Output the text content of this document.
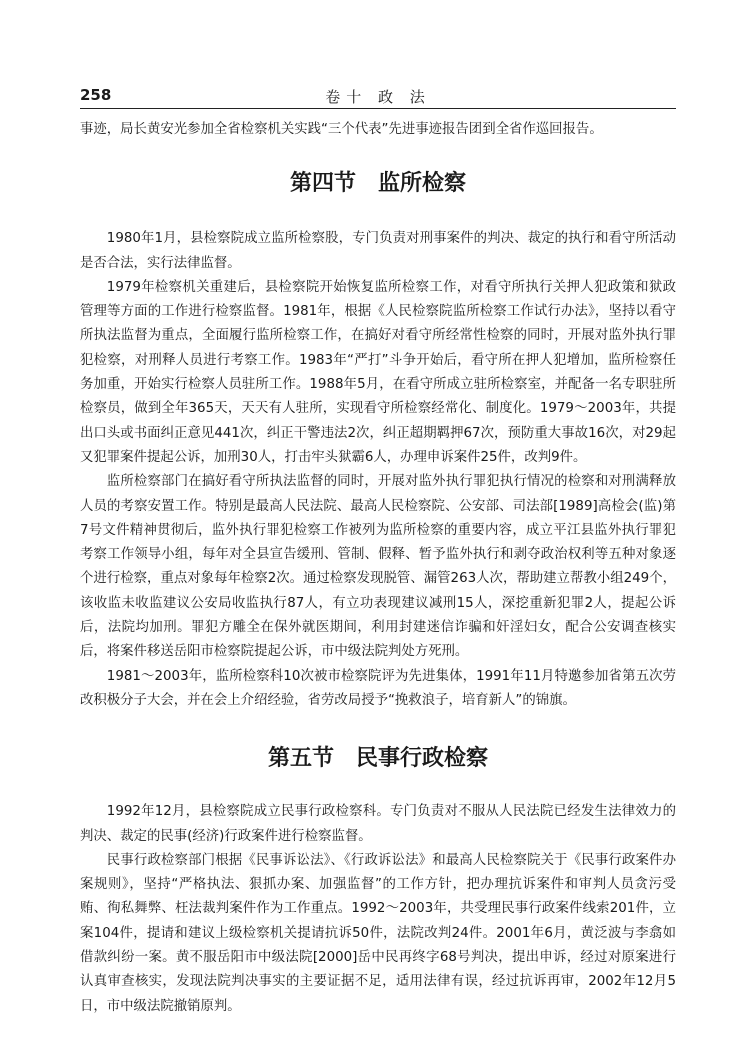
258	卷十 政 法

事迹，局长黄安光参加全省检察机关实践“三个代表”先进事迹报告团到全省作巡回报告。

第四节　监所检察

1980年1月，县检察院成立监所检察股，专门负责对刑事案件的判决、裁定的执行和看守所活动是否合法，实行法律监督。

1979年检察机关重建后，县检察院开始恢复监所检察工作，对看守所执行关押人犯政策和狱政管理等方面的工作进行检察监督。1981年，根据《人民检察院监所检察工作试行办法》，坚持以看守所执法监督为重点，全面履行监所检察工作，在搞好对看守所经常性检察的同时，开展对监外执行罪犯检察，对刑释人员进行考察工作。1983年“严打”斗争开始后，看守所在押人犯增加，监所检察任务加重，开始实行检察人员驻所工作。1988年5月，在看守所成立驻所检察室，并配备一名专职驻所检察员，做到全年365天，天天有人驻所，实现看守所检察经常化、制度化。1979～2003年，共提出口头或书面纠正意见441次，纠正干警违法2次，纠正超期羁押67次，预防重大事故16次，对29起又犯罪案件提起公诉，加刑30人，打击牢头狱霸6人，办理申诉案件25件，改判9件。

监所检察部门在搞好看守所执法监督的同时，开展对监外执行罪犯执行情况的检察和对刑满释放人员的考察安置工作。特别是最高人民法院、最高人民检察院、公安部、司法部[1989]高检会(监)第7号文件精神贯彻后，监外执行罪犯检察工作被列为监所检察的重要内容，成立平江县监外执行罪犯考察工作领导小组，每年对全县宣告缓刑、管制、假释、暂予监外执行和剥夺政治权利等五种对象逐个进行检察，重点对象每年检察2次。通过检察发现脱管、漏管263人次，帮助建立帮教小组249个，该收监未收监建议公安局收监执行87人，有立功表现建议减刑15人，深挖重新犯罪2人，提起公诉后，法院均加刑。罪犯方雕全在保外就医期间，利用封建迷信诈骗和奸淫妇女，配合公安调查核实后，将案件移送岳阳市检察院提起公诉，市中级法院判处方死刑。

1981～2003年，监所检察科10次被市检察院评为先进集体，1991年11月特邀参加省第五次劳改积极分子大会，并在会上介绍经验，省劳改局授予“挽救浪子，培育新人”的锦旗。

第五节　民事行政检察

1992年12月，县检察院成立民事行政检察科。专门负责对不服从人民法院已经发生法律效力的判决、裁定的民事(经济)行政案件进行检察监督。

民事行政检察部门根据《民事诉讼法》、《行政诉讼法》和最高人民检察院关于《民事行政案件办案规则》，坚持“严格执法、狠抓办案、加强监督”的工作方针，把办理抗诉案件和审判人员贪污受贿、徇私舞弊、枉法裁判案件作为工作重点。1992～2003年，共受理民事行政案件线索201件，立案104件，提请和建议上级检察机关提请抗诉50件，法院改判24件。2001年6月，黄泛波与李翕如借款纠纷一案。黄不服岳阳市中级法院[2000]岳中民再终字68号判决，提出申诉，经过对原案进行认真审查核实，发现法院判决事实的主要证据不足，适用法律有误，经过抗诉再审，2002年12月5日，市中级法院撤销原判。
